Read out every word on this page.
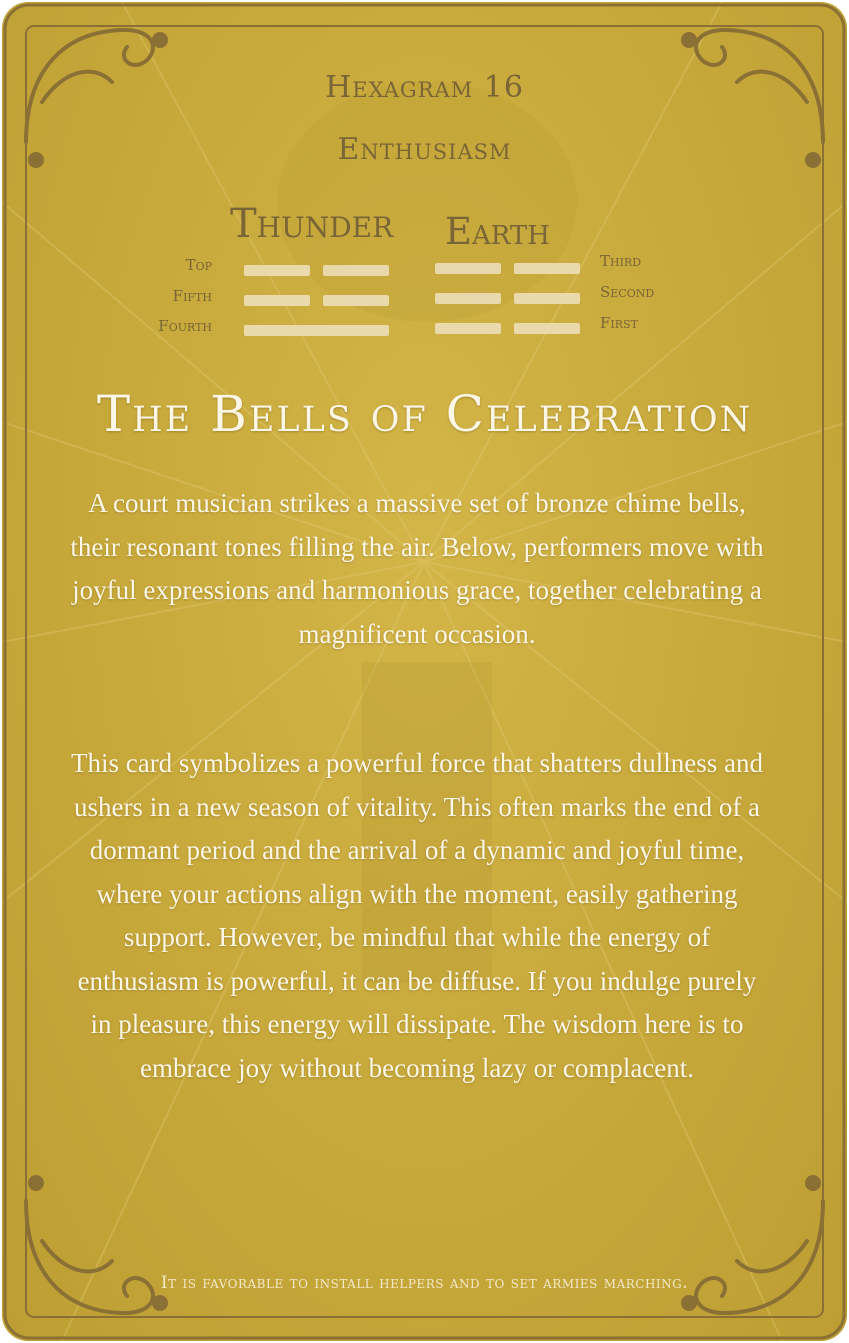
Hexagram 16
Enthusiasm
Thunder Earth
Top
Fifth
Fourth
Third
Second
First
The Bells of Celebration
A court musician strikes a massive set of bronze chime bells, their resonant tones filling the air. Below, performers move with joyful expressions and harmonious grace, together celebrating a magnificent occasion.
This card symbolizes a powerful force that shatters dullness and ushers in a new season of vitality. This often marks the end of a dormant period and the arrival of a dynamic and joyful time, where your actions align with the moment, easily gathering support. However, be mindful that while the energy of enthusiasm is powerful, it can be diffuse. If you indulge purely in pleasure, this energy will dissipate. The wisdom here is to embrace joy without becoming lazy or complacent.
It is favorable to install helpers and to set armies marching.
